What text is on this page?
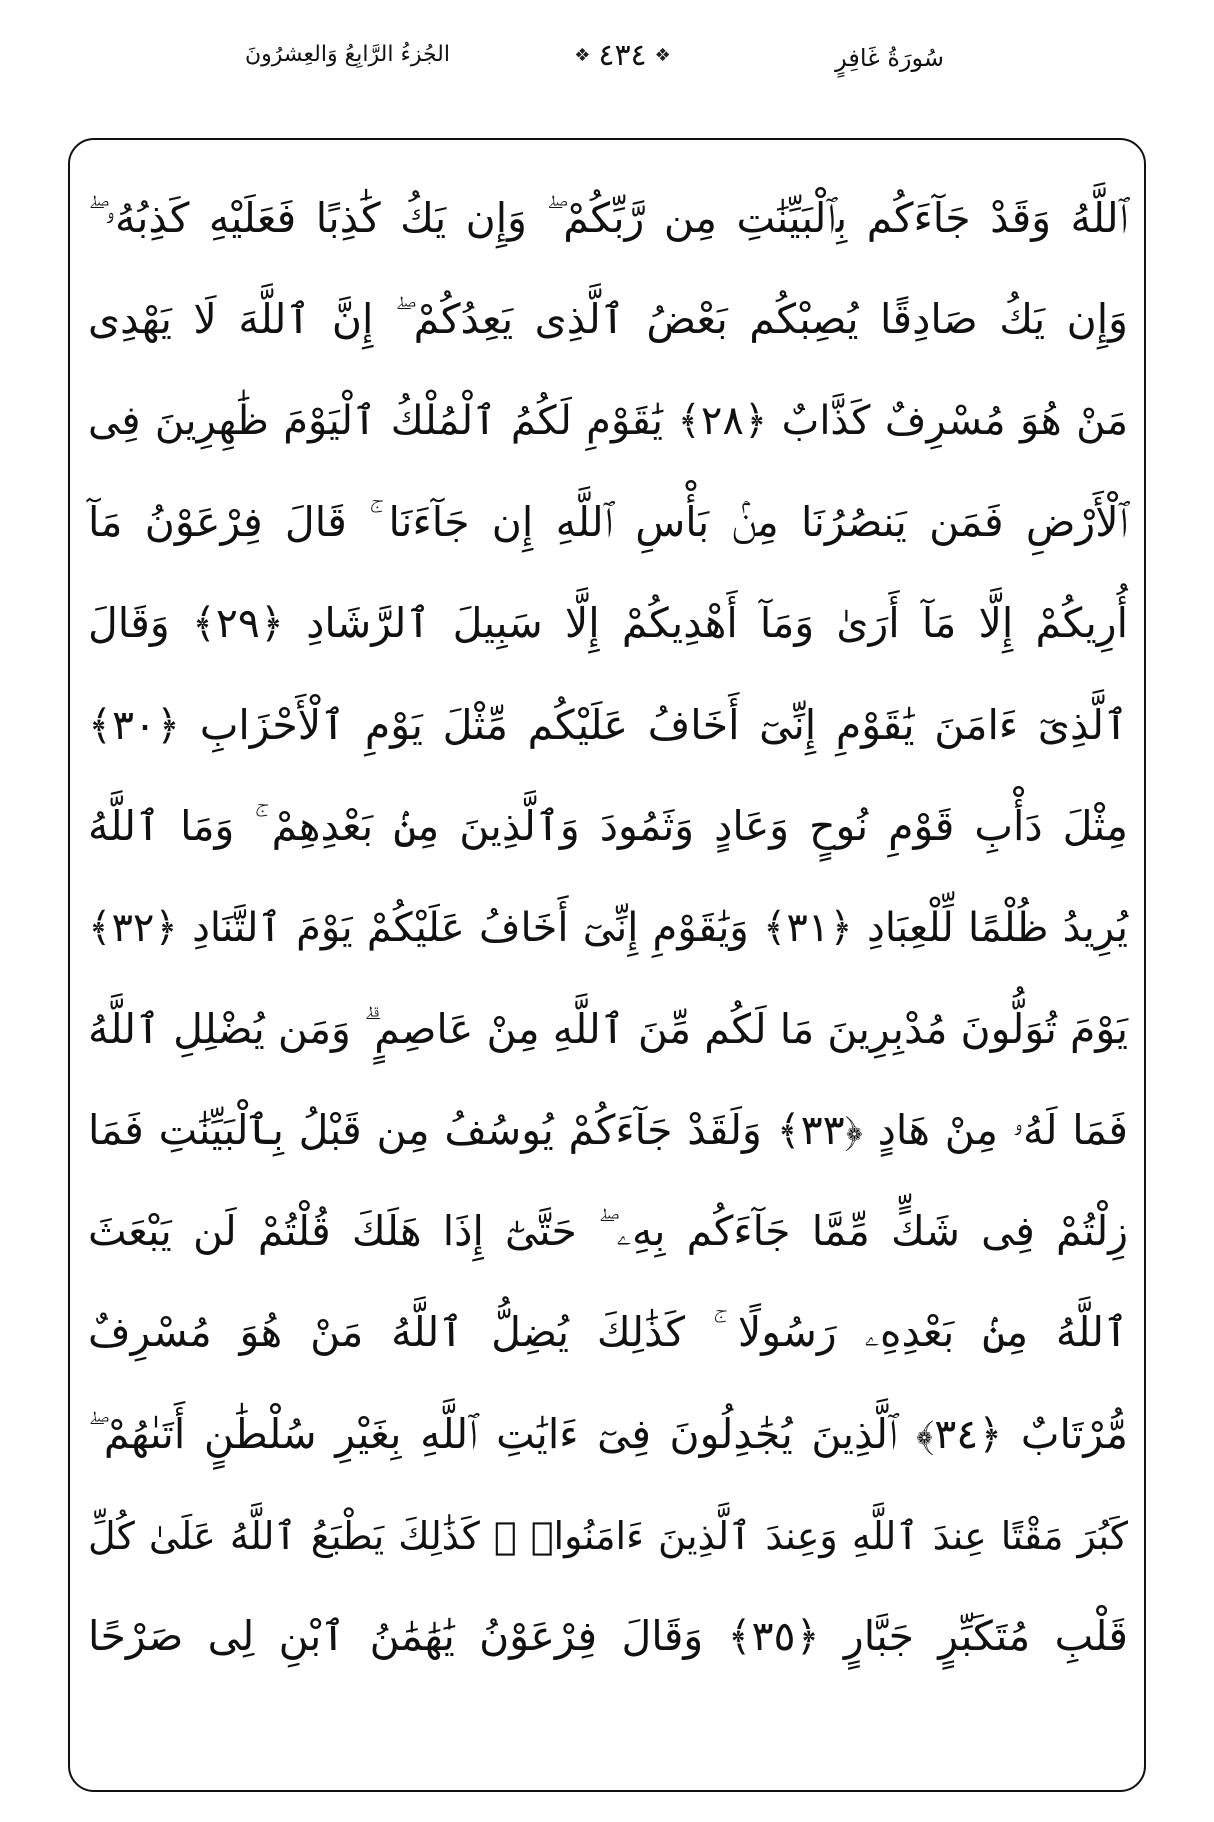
الجُزءُ الرَّابِعُ وَالعِشرُونَ	❖
٤٣٤
❖	سُورَةُ غَافِرٍ
ٱللَّهُ وَقَدْ جَآءَكُم بِٱلْبَيِّنَٰتِ مِن رَّبِّكُمْ ۖ وَإِن يَكُ كَٰذِبًا فَعَلَيْهِ كَذِبُهُۥ ۖ
وَإِن يَكُ صَادِقًا يُصِبْكُم بَعْضُ ٱلَّذِى يَعِدُكُمْ ۖ إِنَّ ٱللَّهَ لَا يَهْدِى
مَنْ هُوَ مُسْرِفٌ كَذَّابٌ ﴿٢٨﴾ يَٰقَوْمِ لَكُمُ ٱلْمُلْكُ ٱلْيَوْمَ ظَٰهِرِينَ فِى
ٱلْأَرْضِ فَمَن يَنصُرُنَا مِنۢ بَأْسِ ٱللَّهِ إِن جَآءَنَا ۚ قَالَ فِرْعَوْنُ مَآ
أُرِيكُمْ إِلَّا مَآ أَرَىٰ وَمَآ أَهْدِيكُمْ إِلَّا سَبِيلَ ٱلرَّشَادِ ﴿٢٩﴾ وَقَالَ
ٱلَّذِىٓ ءَامَنَ يَٰقَوْمِ إِنِّىٓ أَخَافُ عَلَيْكُم مِّثْلَ يَوْمِ ٱلْأَحْزَابِ ﴿٣٠﴾
مِثْلَ دَأْبِ قَوْمِ نُوحٍ وَعَادٍ وَثَمُودَ وَٱلَّذِينَ مِنۢ بَعْدِهِمْ ۚ وَمَا ٱللَّهُ
يُرِيدُ ظُلْمًا لِّلْعِبَادِ ﴿٣١﴾ وَيَٰقَوْمِ إِنِّىٓ أَخَافُ عَلَيْكُمْ يَوْمَ ٱلتَّنَادِ ﴿٣٢﴾
يَوْمَ تُوَلُّونَ مُدْبِرِينَ مَا لَكُم مِّنَ ٱللَّهِ مِنْ عَاصِمٍ ۗ وَمَن يُضْلِلِ ٱللَّهُ
فَمَا لَهُۥ مِنْ هَادٍ ﴿٣٣﴾ وَلَقَدْ جَآءَكُمْ يُوسُفُ مِن قَبْلُ بِٱلْبَيِّنَٰتِ فَمَا
زِلْتُمْ فِى شَكٍّ مِّمَّا جَآءَكُم بِهِۦ ۖ حَتَّىٰٓ إِذَا هَلَكَ قُلْتُمْ لَن يَبْعَثَ
ٱللَّهُ مِنۢ بَعْدِهِۦ رَسُولًا ۚ كَذَٰلِكَ يُضِلُّ ٱللَّهُ مَنْ هُوَ مُسْرِفٌ
مُّرْتَابٌ ﴿٣٤﴾ ٱلَّذِينَ يُجَٰدِلُونَ فِىٓ ءَايَٰتِ ٱللَّهِ بِغَيْرِ سُلْطَٰنٍ أَتَىٰهُمْ ۖ
كَبُرَ مَقْتًا عِندَ ٱللَّهِ وَعِندَ ٱلَّذِينَ ءَامَنُوا۟ ۚ كَذَٰلِكَ يَطْبَعُ ٱللَّهُ عَلَىٰ كُلِّ
قَلْبِ مُتَكَبِّرٍ جَبَّارٍ ﴿٣٥﴾ وَقَالَ فِرْعَوْنُ يَٰهَٰمَٰنُ ٱبْنِ لِى صَرْحًا
